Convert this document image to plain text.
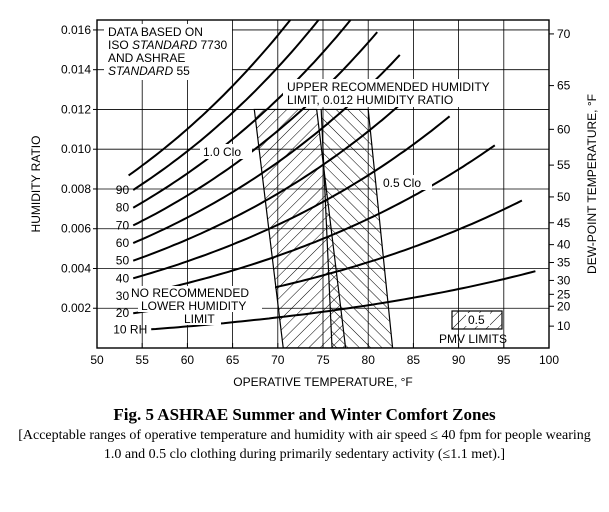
50	55	60	65	70	75	80	85	90	95 100
0.002
0.004
0.006
0.008
0.010
0.012
0.014
0.016
10
20
25
30
35
40
45
50
55
60
65
70
10 RH
20
30
40
50
60
70
80
90
DATA BASED ON
ISO STANDARD 7730
AND ASHRAE
STANDARD 55
UPPER RECOMMENDED HUMIDITY
LIMIT, 0.012 HUMIDITY RATIO
1.0 Clo
0.5 Clo
NO RECOMMENDED
LOWER HUMIDITY
LIMIT	0.5
PMV LIMITS
OPERATIVE TEMPERATURE, °F
HUMIDITY RATIO	DEW-POINT TEMPERATURE, °F
Fig. 5 ASHRAE Summer and Winter Comfort Zones
[Acceptable ranges of operative temperature and humidity with air speed ≤ 40 fpm for people wearing 1.0 and 0.5 clo clothing during primarily sedentary activity (≤1.1 met).]
